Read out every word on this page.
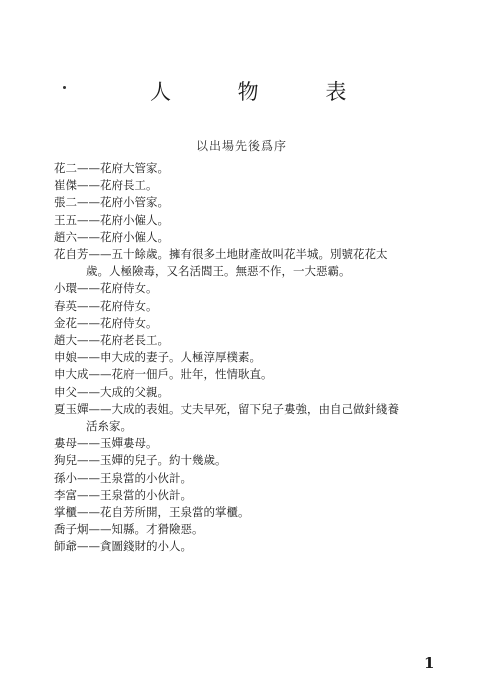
人 物 表
以出場先後爲序
花二——花府大管家。
崔傑——花府長工。
張二——花府小管家。
王五——花府小僱人。
趙六——花府小僱人。
花自芳——五十餘歲。擁有很多土地財產故叫花半城。別號花花太
歲。人極險毒，又名活閻王。無惡不作，一大惡霸。
小環——花府侍女。
春英——花府侍女。
金花——花府侍女。
趙大——花府老長工。
申娘——申大成的妻子。人極淳厚樸素。
申大成——花府一佃戶。壯年，性情耿直。
申父——大成的父親。
夏玉嬋——大成的表姐。丈夫早死，留下兒子婁強，由自己做針綫養
活糸家。
婁母——玉嬋婁母。
狗兒——玉嬋的兒子。約十幾歲。
孫小——王泉當的小伙計。
李富——王泉當的小伙計。
掌櫃——花自芳所開，王泉當的掌櫃。
喬子炯——知縣。才猾險惡。
師爺——貪圖錢財的小人。
1
